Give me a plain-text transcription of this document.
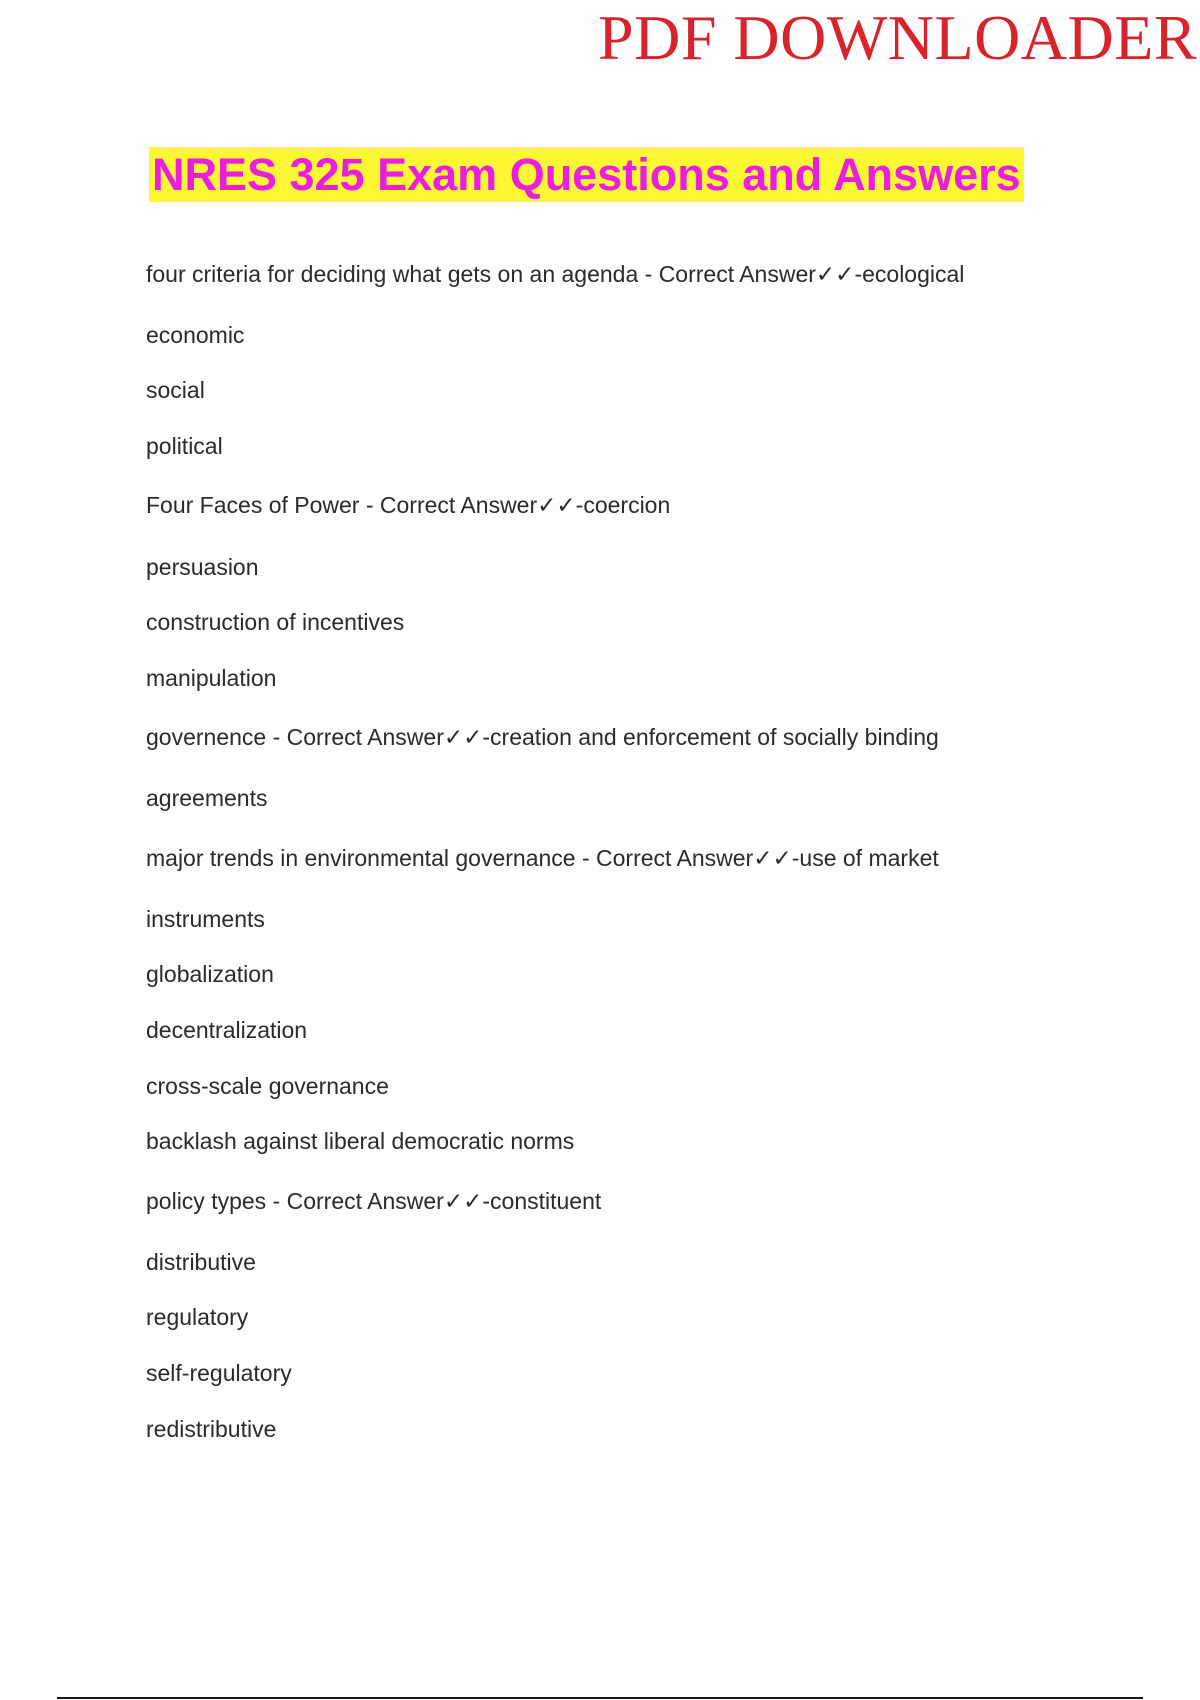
PDF DOWNLOADER
NRES 325 Exam Questions and Answers
four criteria for deciding what gets on an agenda - Correct Answer✓✓-ecological
economic
social
political
Four Faces of Power - Correct Answer✓✓-coercion
persuasion
construction of incentives
manipulation
governence - Correct Answer✓✓-creation and enforcement of socially binding
agreements
major trends in environmental governance - Correct Answer✓✓-use of market
instruments
globalization
decentralization
cross-scale governance
backlash against liberal democratic norms
policy types - Correct Answer✓✓-constituent
distributive
regulatory
self-regulatory
redistributive
